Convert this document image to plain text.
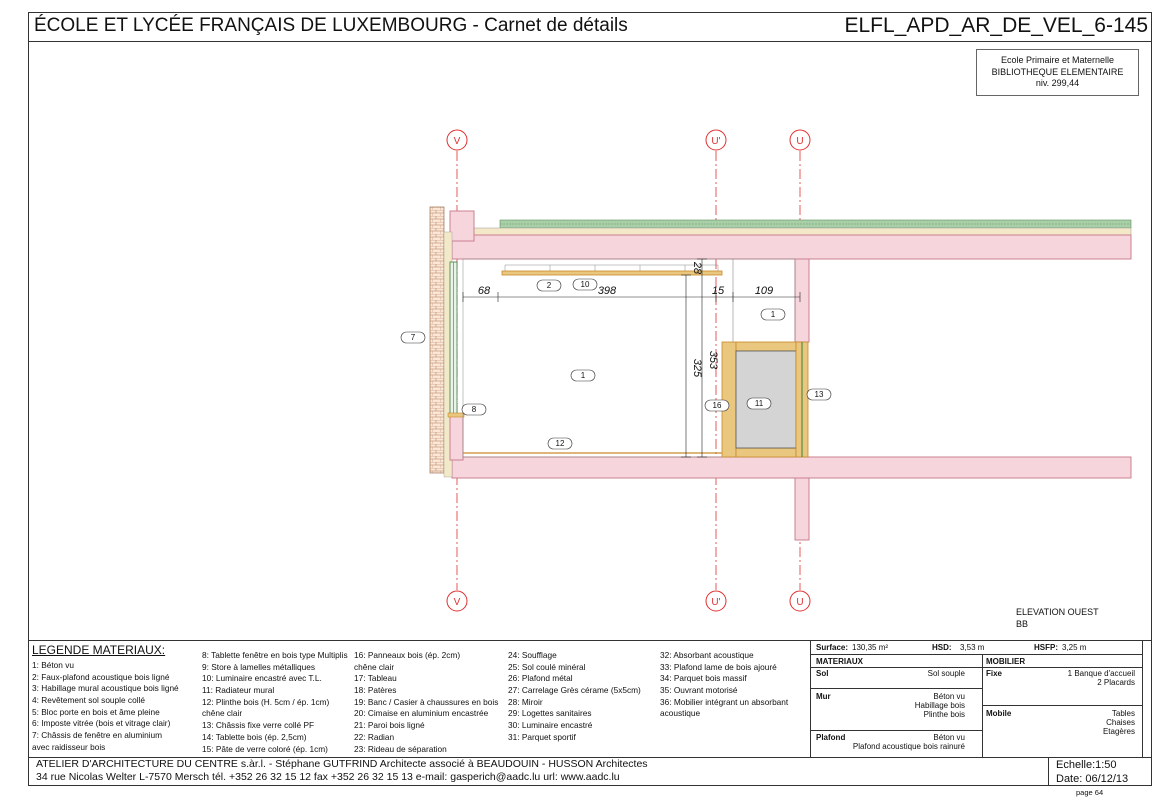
ÉCOLE ET LYCÉE FRANÇAIS DE LUXEMBOURG - Carnet de détails	ELFL_APD_AR_DE_VEL_6-145
Ecole Primaire et Maternelle
BIBLIOTHEQUE ELEMENTAIRE
niv. 299,44
V	U'	U
V	U'	U
68	398	15	109
28
353
325
1
1
2
7
8
10
11
12
13
16
ELEVATION OUEST
BB
LEGENDE MATERIAUX:
1: Béton vu
2: Faux-plafond acoustique bois ligné
3: Habillage mural acoustique bois ligné
4: Revêtement sol souple collé
5: Bloc porte en bois et âme pleine
6: Imposte vitrée (bois et vitrage clair)
7: Châssis de fenêtre en aluminium
avec raidisseur bois
8: Tablette fenêtre en bois type Multiplis
9: Store à lamelles métalliques
10: Luminaire encastré avec T.L.
11: Radiateur mural
12: Plinthe bois (H. 5cm / ép. 1cm)
chêne clair
13: Châssis fixe verre collé PF
14: Tablette bois (ép. 2,5cm)
15: Pâte de verre coloré (ép. 1cm)
16: Panneaux bois (ép. 2cm)
chêne clair
17: Tableau
18: Patères
19: Banc / Casier à chaussures en bois
20: Cimaise en aluminium encastrée
21: Paroi bois ligné
22: Radian
23: Rideau de séparation
24: Soufflage
25: Sol coulé minéral
26: Plafond métal
27: Carrelage Grès cérame (5x5cm)
28: Miroir
29: Logettes sanitaires
30: Luminaire encastré
31: Parquet sportif
32: Absorbant acoustique
33: Plafond lame de bois ajouré
34: Parquet bois massif
35: Ouvrant motorisé
36: Mobilier intégrant un absorbant
acoustique
Surface: 130,35 m²	HSD: 3,53 m	HSFP: 3,25 m
MATERIAUX	MOBILIER
Sol	Sol souple
Mur	Béton vu
Habillage bois
Plinthe bois
Plafond	Béton vu
Plafond acoustique bois rainuré
Fixe	1 Banque d'accueil
2 Placards
Mobile	Tables
Chaises
Etagères
ATELIER D'ARCHITECTURE DU CENTRE s.àr.l. - Stéphane GUTFRIND Architecte associé à BEAUDOUIN - HUSSON Architectes
34 rue Nicolas Welter L-7570 Mersch tél. +352 26 32 15 12 fax +352 26 32 15 13 e-mail: gasperich@aadc.lu url: www.aadc.lu
Echelle:1:50
Date: 06/12/13
page 64
